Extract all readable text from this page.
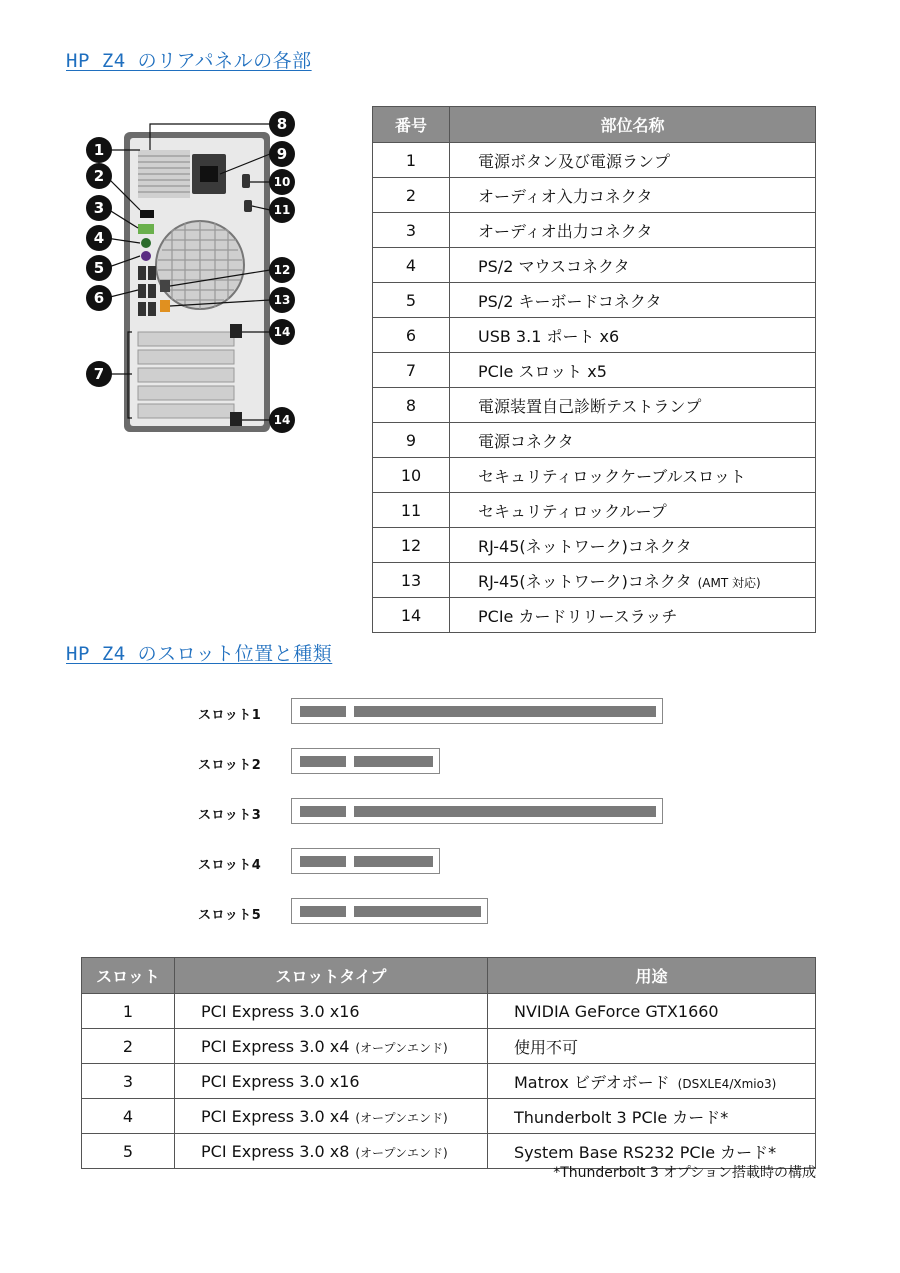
HP Z4 のリアパネルの各部
1
2
3
4
5
6
7
8
9
10
11
12
13
14
14
番号	部位名称
1	電源ボタン及び電源ランプ
2	オーディオ入力コネクタ
3	オーディオ出力コネクタ
4	PS/2 マウスコネクタ
5	PS/2 キーボードコネクタ
6	USB 3.1 ポート x6
7	PCIe スロット x5
8	電源装置自己診断テストランプ
9	電源コネクタ
10	セキュリティロックケーブルスロット
11	セキュリティロックループ
12	RJ-45(ネットワーク)コネクタ
13	RJ-45(ネットワーク)コネクタ (AMT 対応)
14	PCIe カードリリースラッチ
HP Z4 のスロット位置と種類
スロット1
スロット2
スロット3
スロット4
スロット5
スロット	スロットタイプ	用途
1	PCI Express 3.0 x16	NVIDIA GeForce GTX1660
2	PCI Express 3.0 x4 (オープンエンド)	使用不可
3	PCI Express 3.0 x16	Matrox ビデオボード (DSXLE4/Xmio3)
4	PCI Express 3.0 x4 (オープンエンド)	Thunderbolt 3 PCIe カード*
5	PCI Express 3.0 x8 (オープンエンド)	System Base RS232 PCIe カード*
*Thunderbolt 3 オプション搭載時の構成
